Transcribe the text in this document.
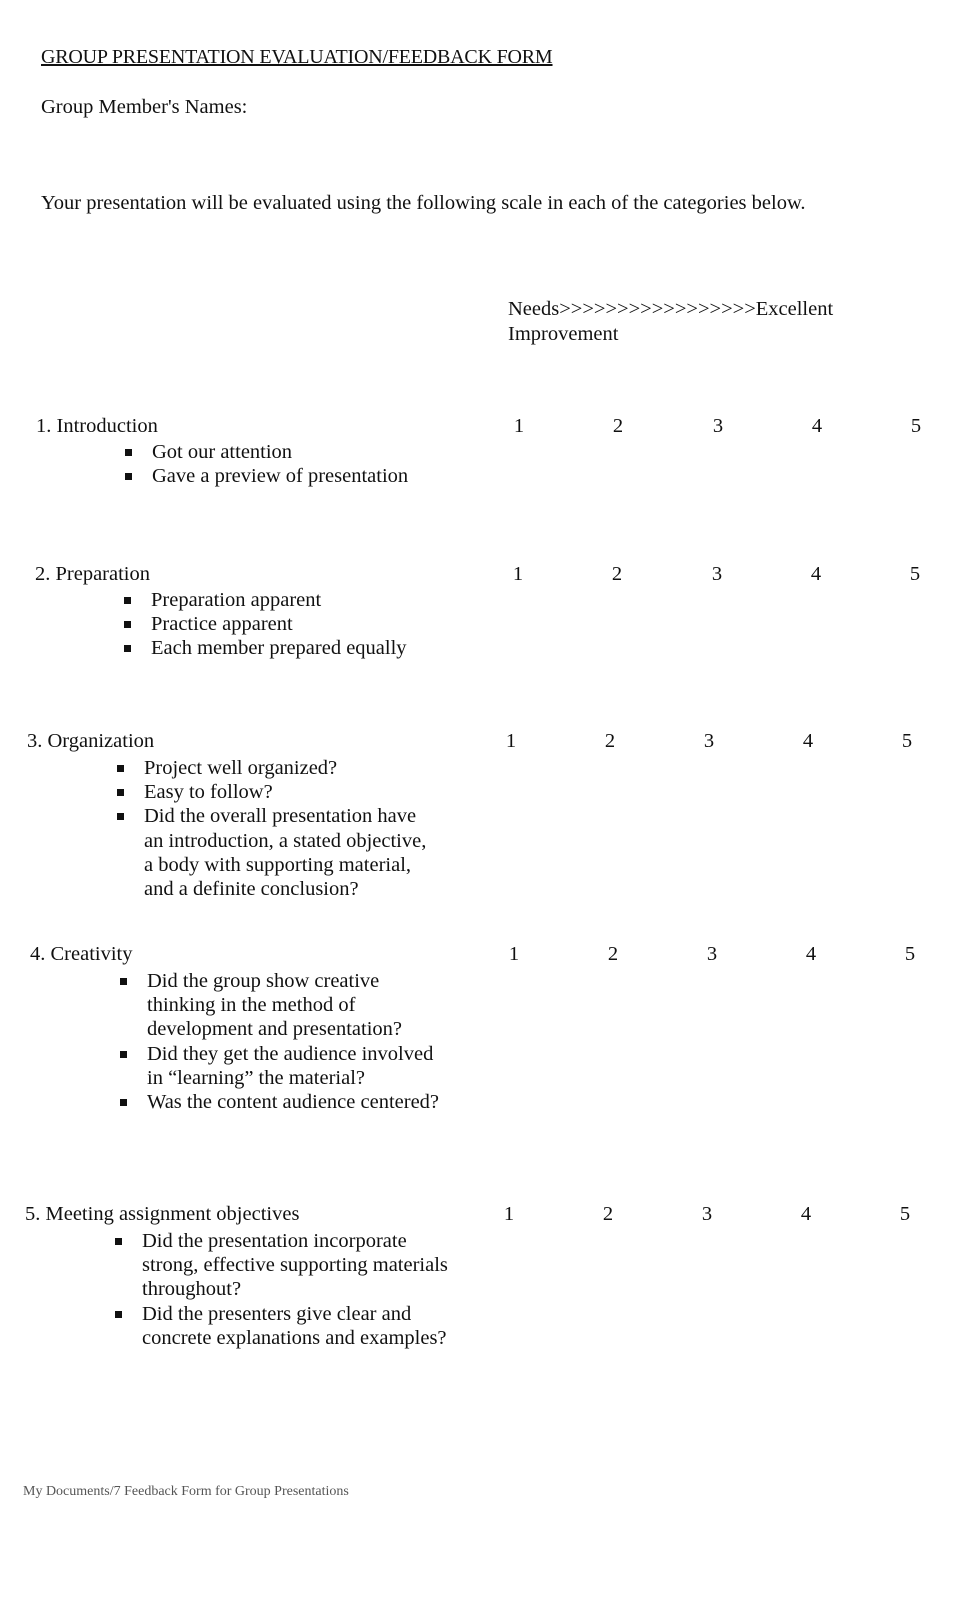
GROUP PRESENTATION EVALUATION/FEEDBACK FORM
Group Member's Names:
Your presentation will be evaluated using the following scale in each of the categories below.
Needs>>>>>>>>>>>>>>>>>Excellent
Improvement
1. Introduction	1	2	3	4	5
Got our attention
Gave a preview of presentation
2. Preparation	1	2	3	4	5
Preparation apparent
Practice apparent
Each member prepared equally
3. Organization	1	2	3	4	5
Project well organized?
Easy to follow?
Did the overall presentation have
an introduction, a stated objective,
a body with supporting material,
and a definite conclusion?
4. Creativity	1	2	3	4	5
Did the group show creative
thinking in the method of
development and presentation?
Did they get the audience involved
in “learning” the material?
Was the content audience centered?
5. Meeting assignment objectives	1	2	3	4	5
Did the presentation incorporate
strong, effective supporting materials
throughout?
Did the presenters give clear and
concrete explanations and examples?
My Documents/7 Feedback Form for Group Presentations
